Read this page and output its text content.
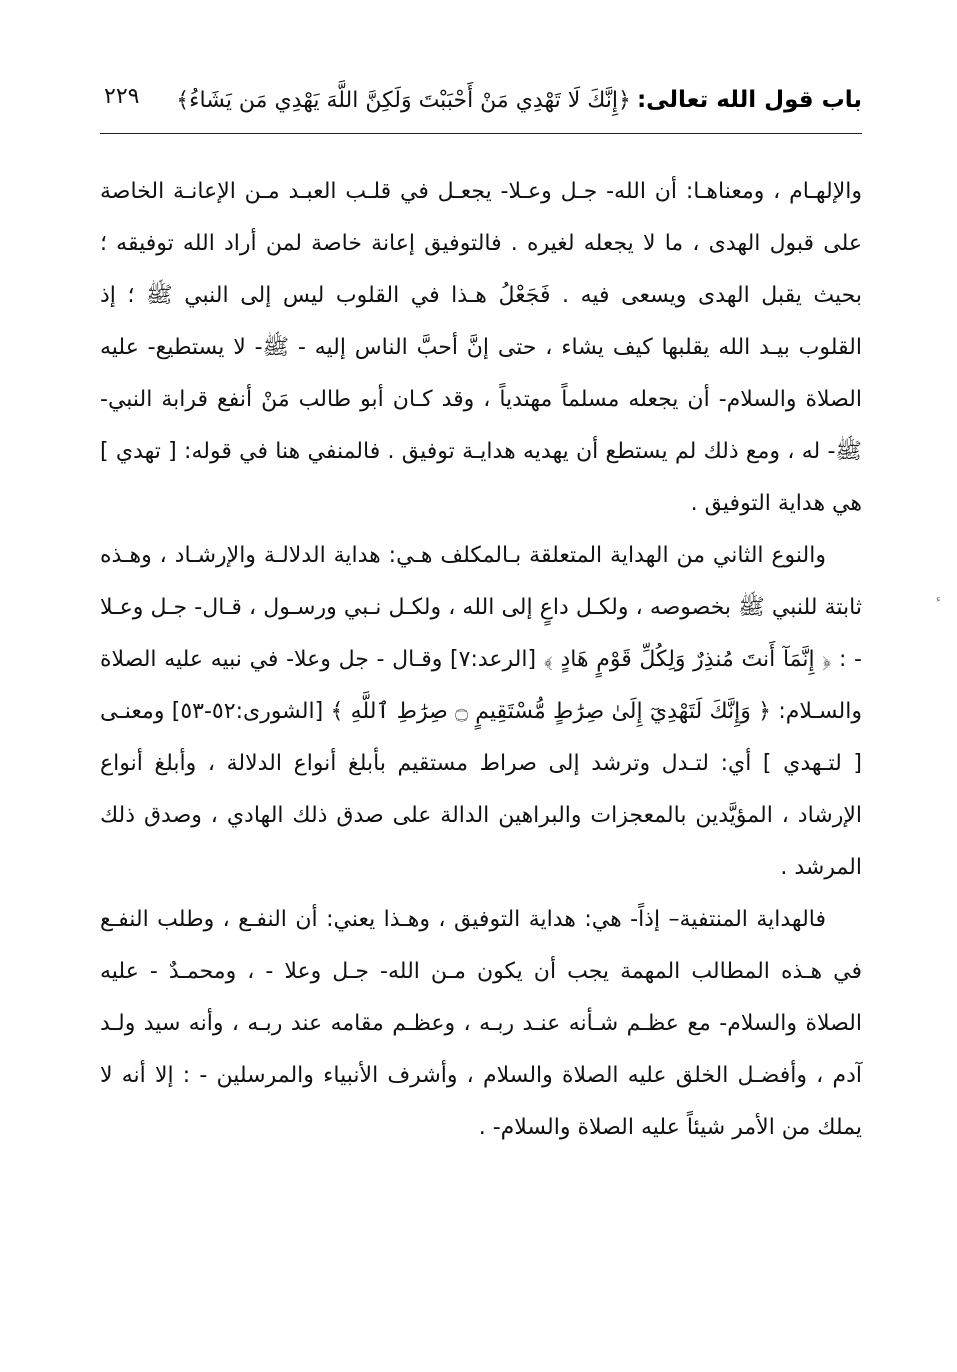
باب قول الله تعالى:
﴿إِنَّكَ لَا تَهْدِي مَنْ أَحْبَبْتَ وَلَكِنَّ اللَّهَ يَهْدِي مَن يَشَاءُ﴾
٢٢٩

والإلهـام ، ومعناهـا: أن الله- جـل وعـلا- يجعـل في قلـب العبـد مـن الإعانـة الخاصة على قبول الهدى ، ما لا يجعله لغيره . فالتوفيق إعانة خاصة لمن أراد الله توفيقه ؛ بحيث يقبل الهدى ويسعى فيه . فَجَعْلُ هـذا في القلوب ليس إلى النبي ﷺ ؛ إذ القلوب بيـد الله يقلبها كيف يشاء ، حتى إنَّ أحبَّ الناس إليه - ﷺ- لا يستطيع- عليه الصلاة والسلام- أن يجعله مسلماً مهتدياً ، وقد كـان أبو طالب مَنْ أنفع قرابة النبي- ﷺ- له ، ومع ذلك لم يستطع أن يهديه هدايـة توفيق . فالمنفي هنا في قوله: [ تهدي ] هي هداية التوفيق .

والنوع الثاني من الهداية المتعلقة بـالمكلف هـي: هداية الدلالـة والإرشـاد ، وهـذه ثابتة للنبي ﷺ بخصوصه ، ولكـل داعٍ إلى الله ، ولكـل نـبي ورسـول ، قـال- جـل وعـلا - : ﴿ إِنَّمَآ أَنتَ مُنذِرٌ وَلِكُلِّ قَوْمٍ هَادٍ ﴾ [الرعد:٧] وقـال - جل وعلا- في نبيه عليه الصلاة والسـلام: ﴿ وَإِنَّكَ لَتَهْدِيٓ إِلَىٰ صِرَٰطٍ مُّسْتَقِيمٍ ۝ صِرَٰطِ ٱللَّهِ ﴾ [الشورى:٥٢-٥٣] ومعنـى [ لتـهدي ] أي: لتـدل وترشد إلى صراط مستقيم بأبلغ أنواع الدلالة ، وأبلغ أنواع الإرشاد ، المؤيَّدين بالمعجزات والبراهين الدالة على صدق ذلك الهادي ، وصدق ذلك المرشد .

فالهداية المنتفية– إذاً- هي: هداية التوفيق ، وهـذا يعني: أن النفـع ، وطلب النفـع في هـذه المطالب المهمة يجب أن يكون مـن الله- جـل وعلا - ، ومحمـدٌ - عليه الصلاة والسلام- مع عظـم شـأنه عنـد ربـه ، وعظـم مقامه عند ربـه ، وأنه سيد ولـد آدم ، وأفضـل الخلق عليه الصلاة والسلام ، وأشرف الأنبياء والمرسلين - : إلا أنه لا يملك من الأمر شيئاً عليه الصلاة والسلام- .

ﺀ
